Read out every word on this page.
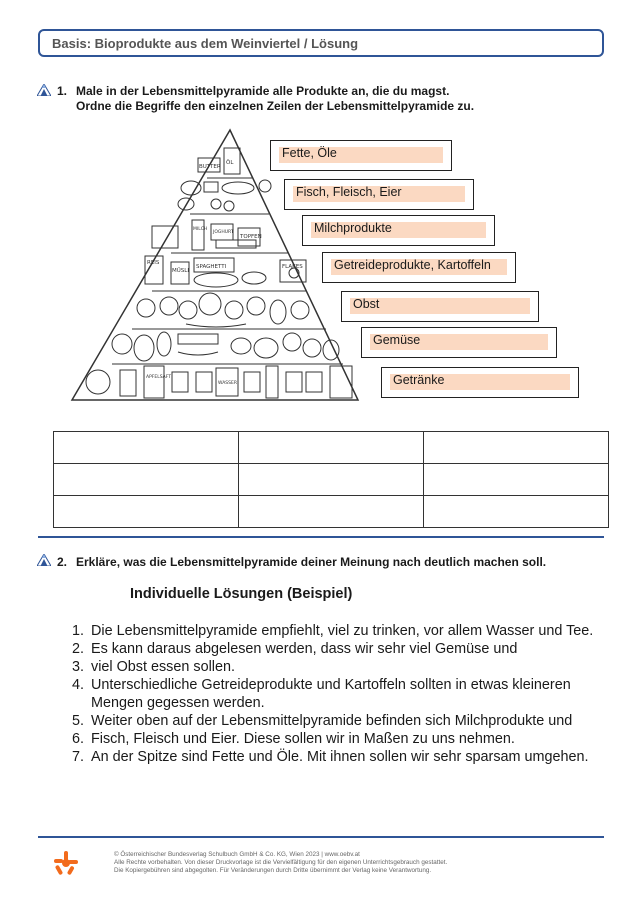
Basis: Bioprodukte aus dem Weinviertel / Lösung
1. Male in der Lebensmittelpyramide alle Produkte an, die du magst.
Ordne die Begriffe den einzelnen Zeilen der Lebensmittelpyramide zu.
BUTTER
ÖL
MILCH
SPAGHETTI
REIS
MÜSLI
FLAKES
TOPFEN
JOGHURT
APFELSAFT
WASSER
Fette, Öle
Fisch, Fleisch, Eier
Milchprodukte
Getreideprodukte, Kartoffeln
Obst
Gemüse
Getränke

2. Erkläre, was die Lebensmittelpyramide deiner Meinung nach deutlich machen soll.
Individuelle Lösungen (Beispiel)
1. Die Lebensmittelpyramide empfiehlt, viel zu trinken, vor allem Wasser und Tee.
2. Es kann daraus abgelesen werden, dass wir sehr viel Gemüse und
3. viel Obst essen sollen.
4. Unterschiedliche Getreideprodukte und Kartoffeln sollten in etwas kleineren Mengen gegessen werden.
5. Weiter oben auf der Lebensmittelpyramide befinden sich Milchprodukte und
6. Fisch, Fleisch und Eier. Diese sollen wir in Maßen zu uns nehmen.
7. An der Spitze sind Fette und Öle. Mit ihnen sollen wir sehr sparsam umgehen.
© Österreichischer Bundesverlag Schulbuch GmbH & Co. KG, Wien 2023 | www.oebv.at
Alle Rechte vorbehalten. Von dieser Druckvorlage ist die Vervielfältigung für den eigenen Unterrichtsgebrauch gestattet.
Die Kopiergebühren sind abgegolten. Für Veränderungen durch Dritte übernimmt der Verlag keine Verantwortung.
